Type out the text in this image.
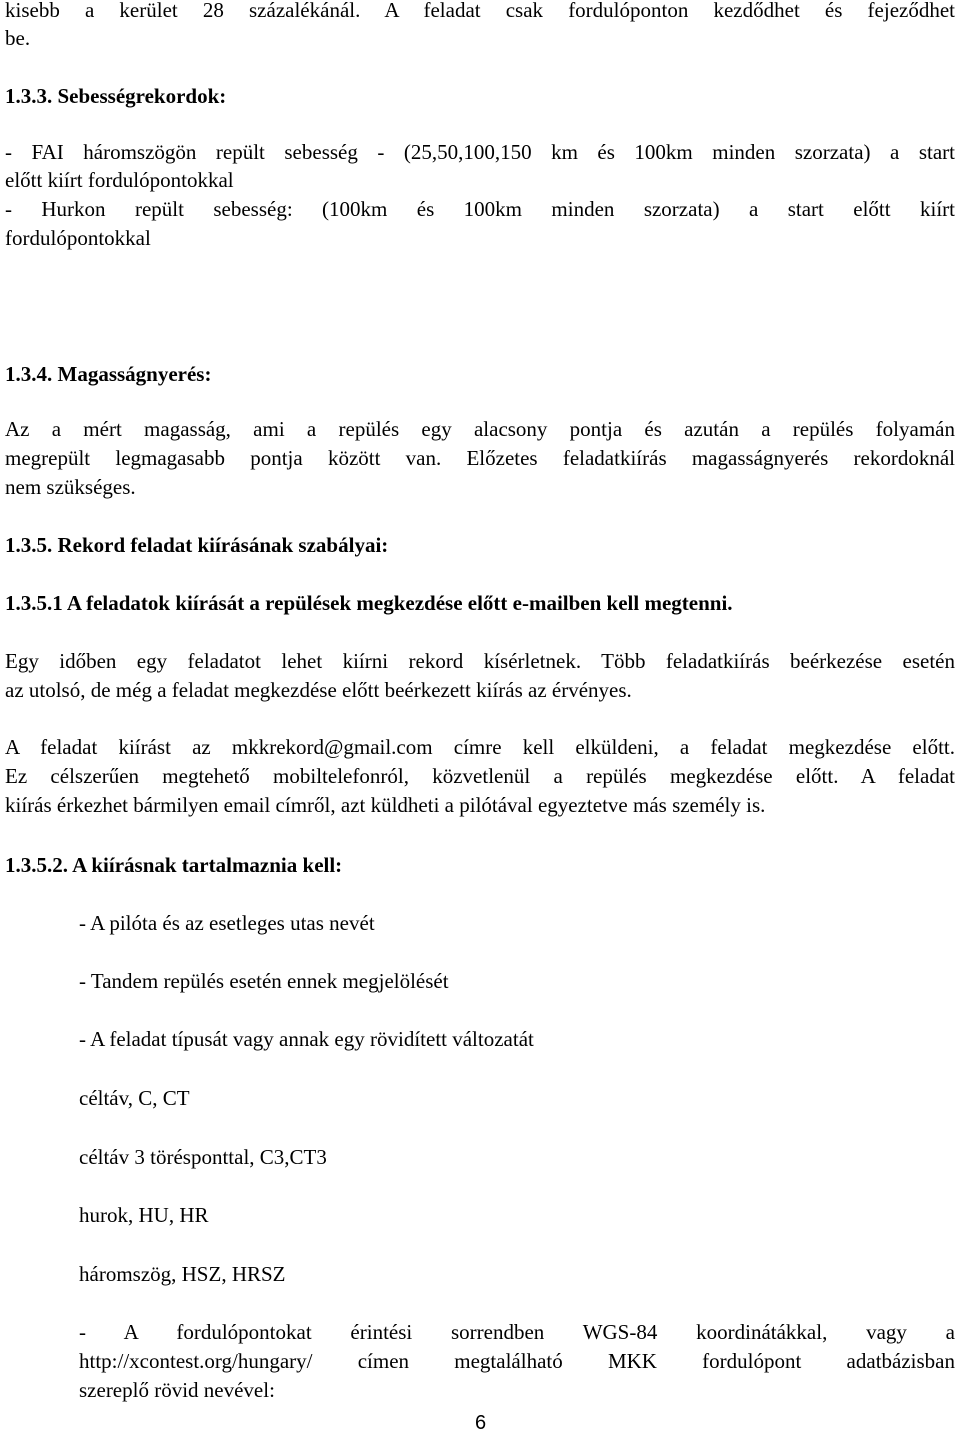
kisebb a kerület 28 százalékánál. A feladat csak fordulóponton kezdődhet és fejeződhet
be.
1.3.3. Sebességrekordok:
- FAI háromszögön repült sebesség - (25,50,100,150 km és 100km minden szorzata) a start
előtt kiírt fordulópontokkal
- Hurkon repült sebesség: (100km és 100km minden szorzata) a start előtt kiírt
fordulópontokkal
1.3.4. Magasságnyerés:
Az a mért magasság, ami a repülés egy alacsony pontja és azután a repülés folyamán
megrepült legmagasabb pontja között van. Előzetes feladatkiírás magasságnyerés rekordoknál
nem szükséges.
1.3.5. Rekord feladat kiírásának szabályai:
1.3.5.1 A feladatok kiírását a repülések megkezdése előtt e-mailben kell megtenni.
Egy időben egy feladatot lehet kiírni rekord kísérletnek. Több feladatkiírás beérkezése esetén
az utolsó, de még a feladat megkezdése előtt beérkezett kiírás az érvényes.
A feladat kiírást az mkkrekord@gmail.com címre kell elküldeni, a feladat megkezdése előtt.
Ez célszerűen megtehető mobiltelefonról, közvetlenül a repülés megkezdése előtt. A feladat
kiírás érkezhet bármilyen email címről, azt küldheti a pilótával egyeztetve más személy is.
1.3.5.2. A kiírásnak tartalmaznia kell:
- A pilóta és az esetleges utas nevét
- Tandem repülés esetén ennek megjelölését
- A feladat típusát vagy annak egy rövidített változatát
céltáv, C, CT
céltáv 3 törésponttal, C3,CT3
hurok, HU, HR
háromszög, HSZ, HRSZ
- A fordulópontokat érintési sorrendben WGS-84 koordinátákkal, vagy a
http://xcontest.org/hungary/ címen megtalálható MKK fordulópont adatbázisban
szereplő rövid nevével:
6
